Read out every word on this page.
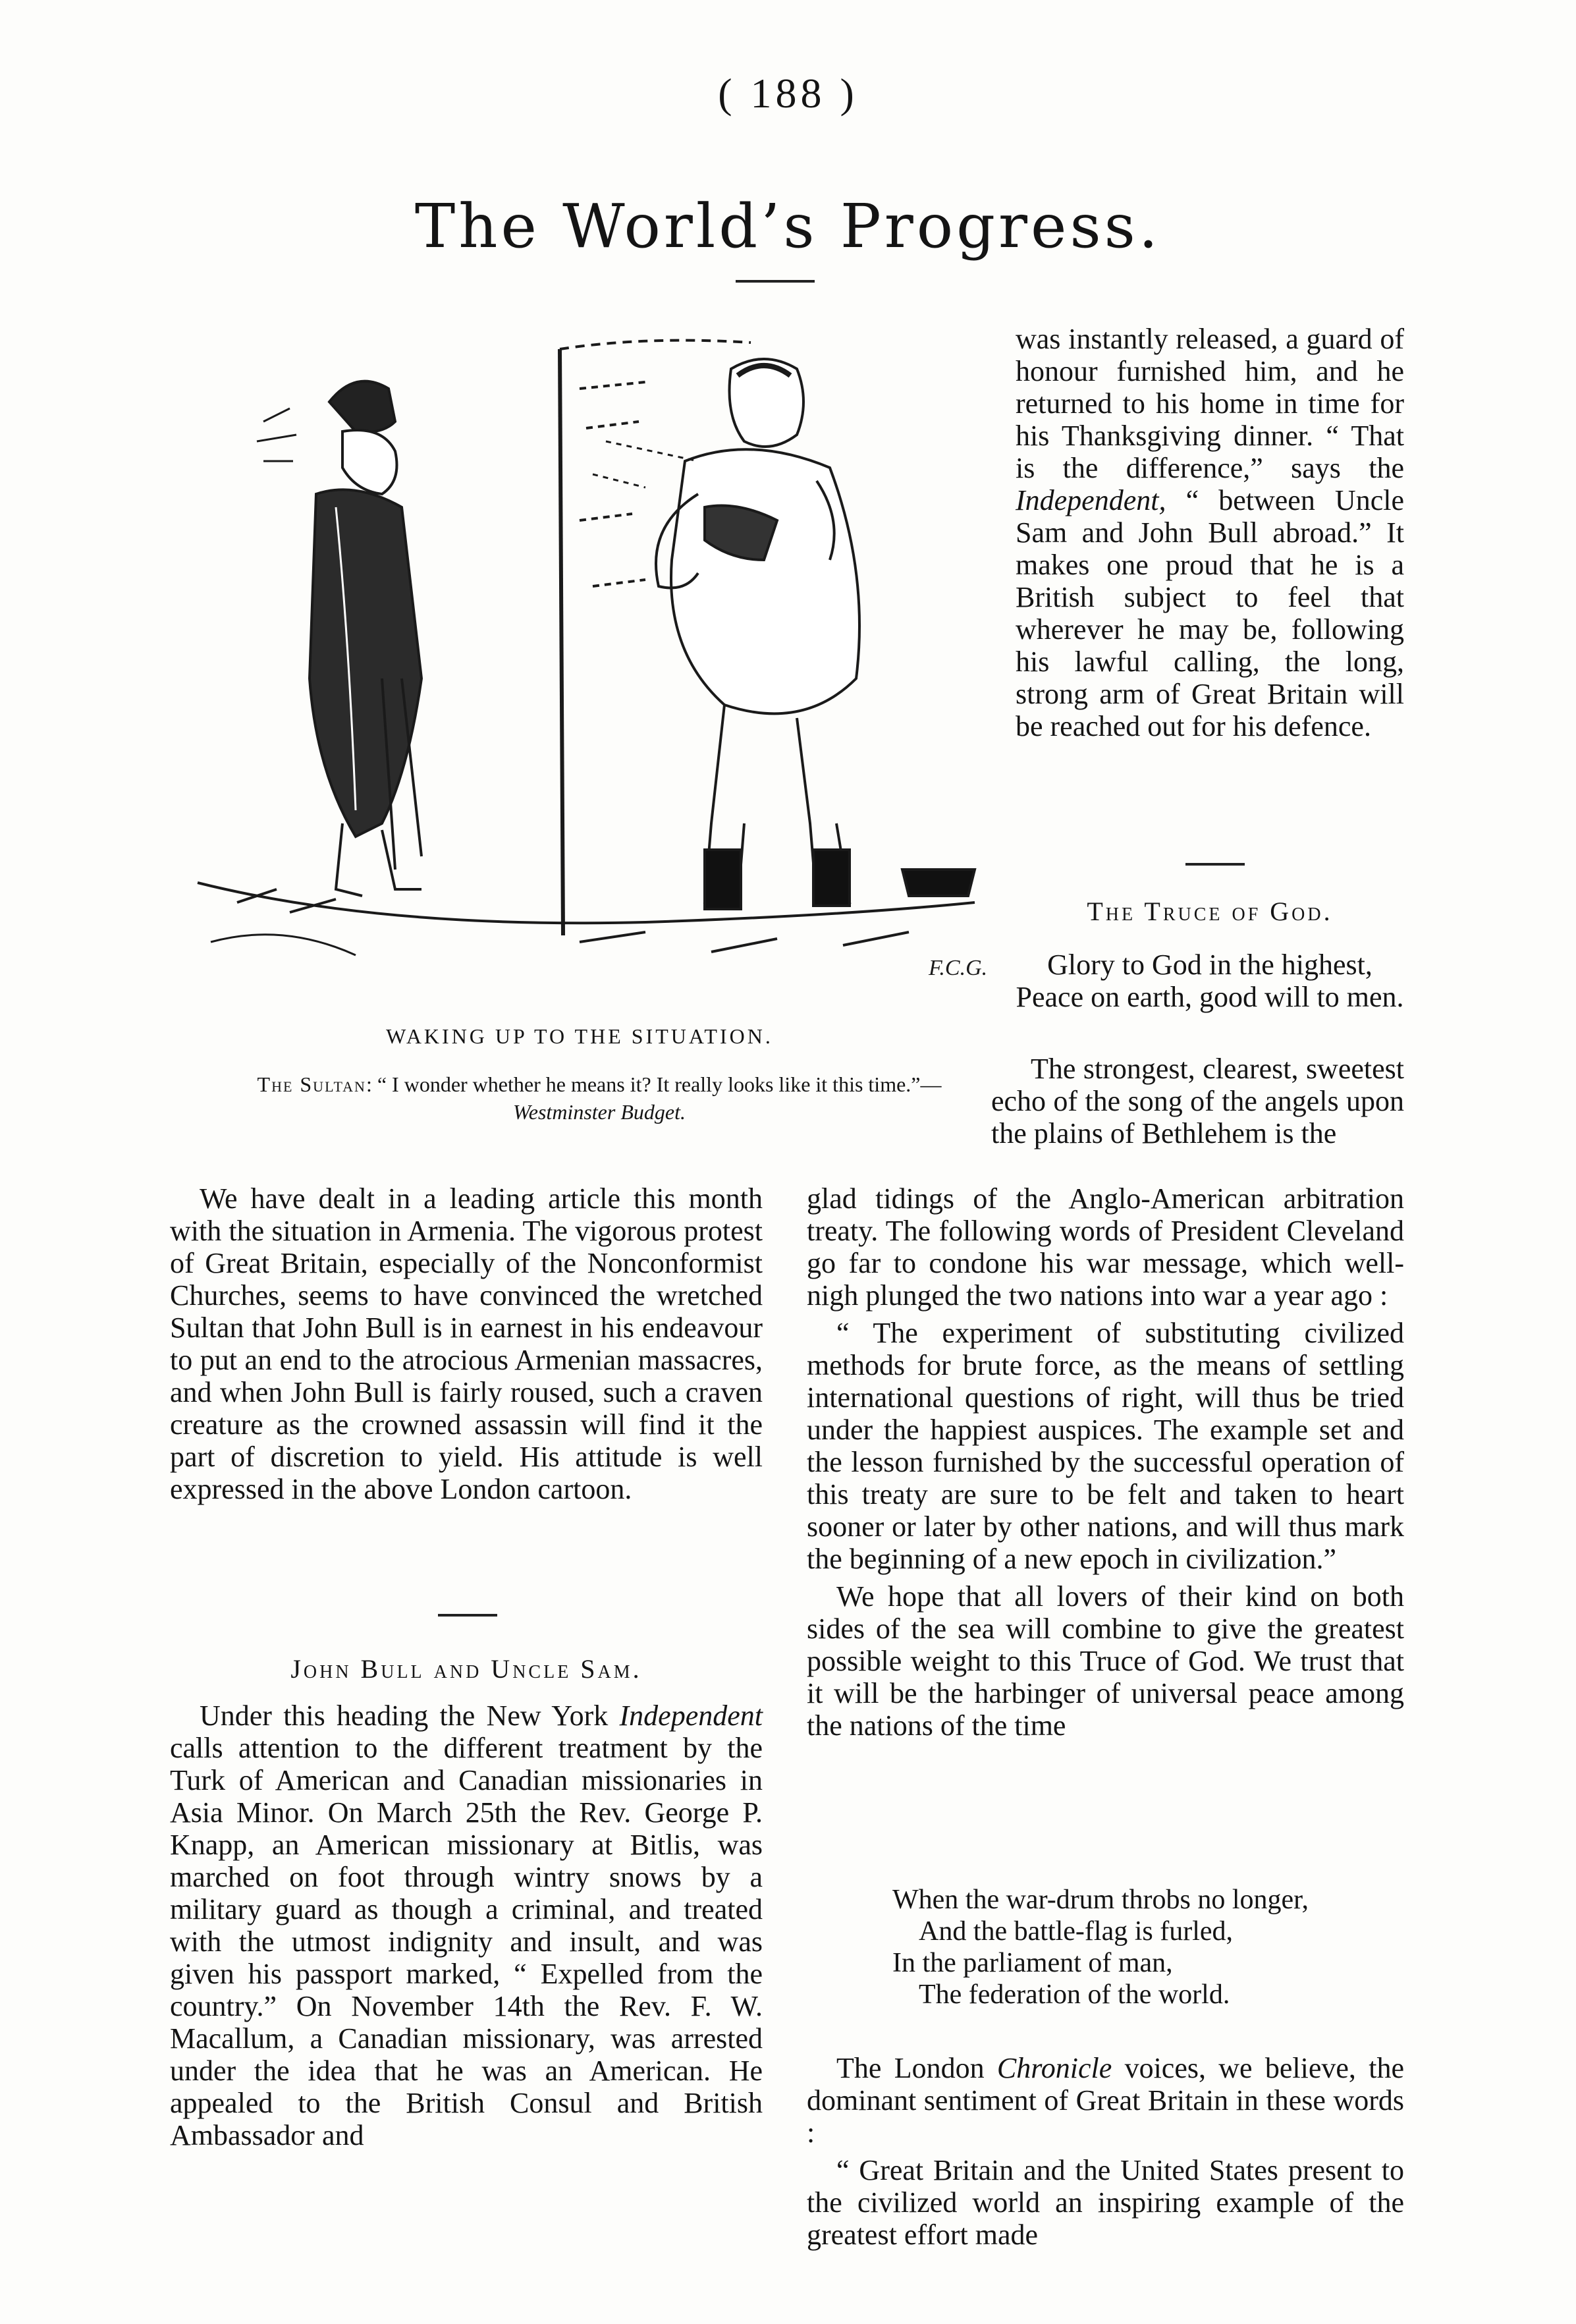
( 188 )
The World’s Progress.
F.C.G.
WAKING UP TO THE SITUATION.
The Sultan: “ I wonder whether he means it? It really looks like it this time.”—Westminster Budget.

was instantly released, a guard of honour furnished him, and he returned to his home in time for his Thanksgiving dinner. “ That is the difference,” says the Independent, “ between Uncle Sam and John Bull abroad.” It makes one proud that he is a British subject to feel that wherever he may be, following his lawful calling, the long, strong arm of Great Britain will be reached out for his defence.

The Truce of God.

Glory to God in the highest, Peace on earth, good will to men.

The strongest, clearest, sweetest echo of the song of the angels upon the plains of Bethlehem is the

We have dealt in a leading article this month with the situation in Armenia. The vigorous protest of Great Britain, especially of the Nonconformist Churches, seems to have convinced the wretched Sultan that John Bull is in earnest in his endeavour to put an end to the atrocious Armenian massacres, and when John Bull is fairly roused, such a craven creature as the crowned assassin will find it the part of discretion to yield. His attitude is well expressed in the above London cartoon.

John Bull and Uncle Sam.

Under this heading the New York Independent calls attention to the different treatment by the Turk of American and Canadian missionaries in Asia Minor. On March 25th the Rev. George P. Knapp, an American missionary at Bitlis, was marched on foot through wintry snows by a military guard as though a criminal, and treated with the utmost indignity and insult, and was given his passport marked, “ Expelled from the country.” On November 14th the Rev. F. W. Macallum, a Canadian missionary, was arrested under the idea that he was an American. He appealed to the British Consul and British Ambassador and

glad tidings of the Anglo-American arbitration treaty. The following words of President Cleveland go far to condone his war message, which well-nigh plunged the two nations into war a year ago :

“ The experiment of substituting civilized methods for brute force, as the means of settling international questions of right, will thus be tried under the happiest auspices. The example set and the lesson furnished by the successful operation of this treaty are sure to be felt and taken to heart sooner or later by other nations, and will thus mark the beginning of a new epoch in civilization.”

We hope that all lovers of their kind on both sides of the sea will combine to give the greatest possible weight to this Truce of God. We trust that it will be the harbinger of universal peace among the nations of the time

When the war-drum throbs no longer,
And the battle-flag is furled,
In the parliament of man,
The federation of the world.

The London Chronicle voices, we believe, the dominant sentiment of Great Britain in these words :

“ Great Britain and the United States present to the civilized world an inspiring example of the greatest effort made
